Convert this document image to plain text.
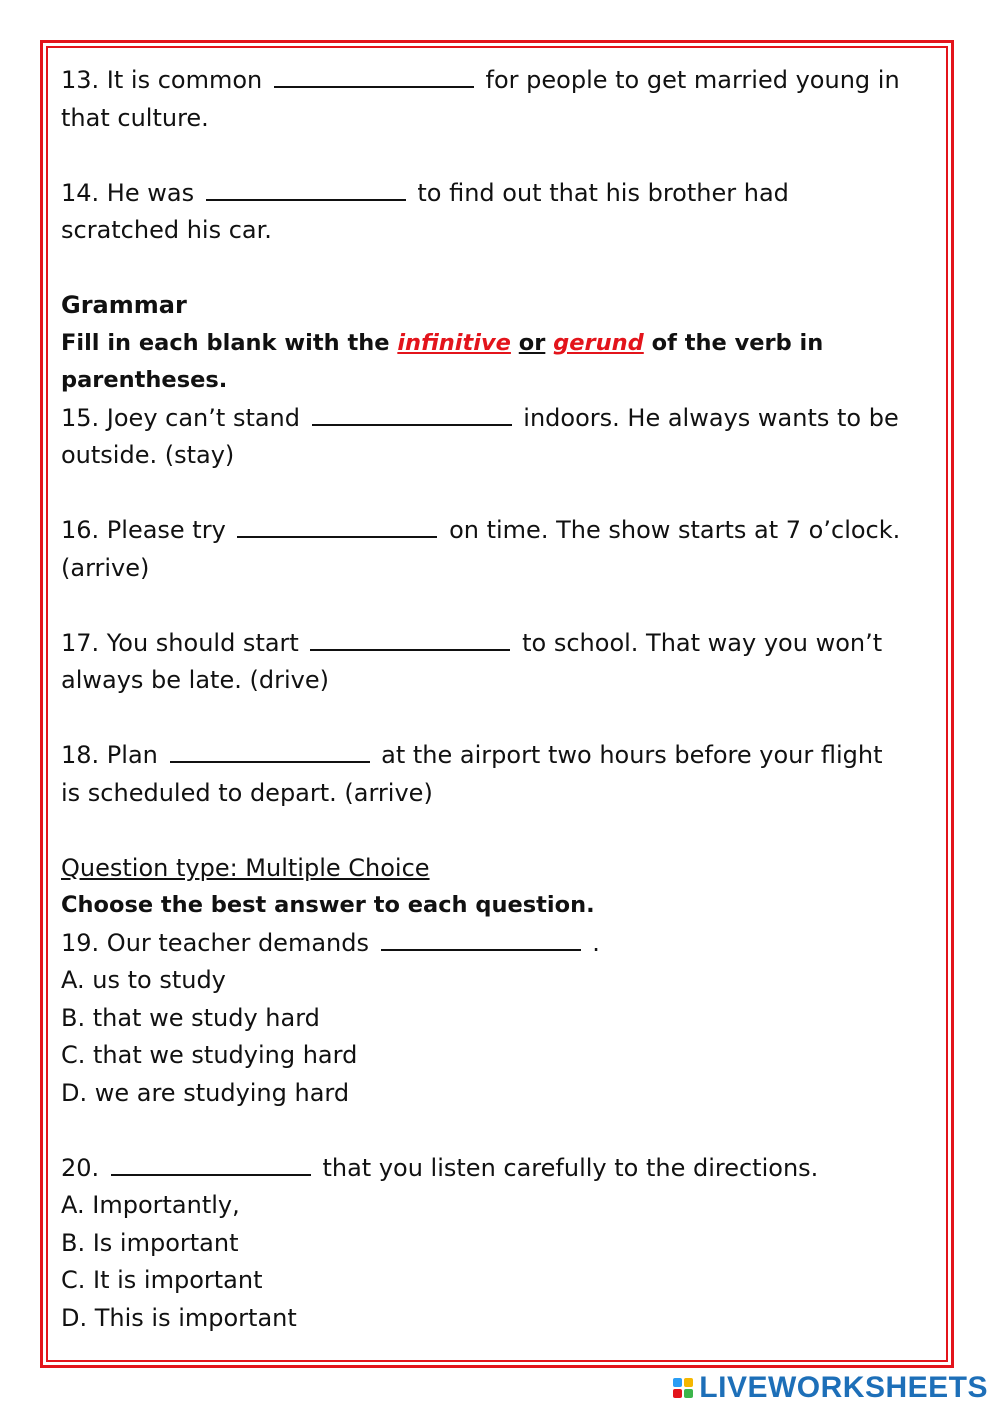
13. It is common	for people to get married young in
that culture.
14. He was	to find out that his brother had
scratched his car.
Grammar
Fill in each blank with the infinitive or gerund of the verb in
parentheses.
15. Joey can’t stand	indoors. He always wants to be
outside. (stay)
16. Please try	on time. The show starts at 7 o’clock.
(arrive)
17. You should start	to school. That way you won’t
always be late. (drive)
18. Plan	at the airport two hours before your flight
is scheduled to depart. (arrive)
Question type: Multiple Choice
Choose the best answer to each question.
19. Our teacher demands	.
A. us to study
B. that we study hard
C. that we studying hard
D. we are studying hard
20.	that you listen carefully to the directions.
A. Importantly,
B. Is important
C. It is important
D. This is important
LIVEWORKSHEETS
